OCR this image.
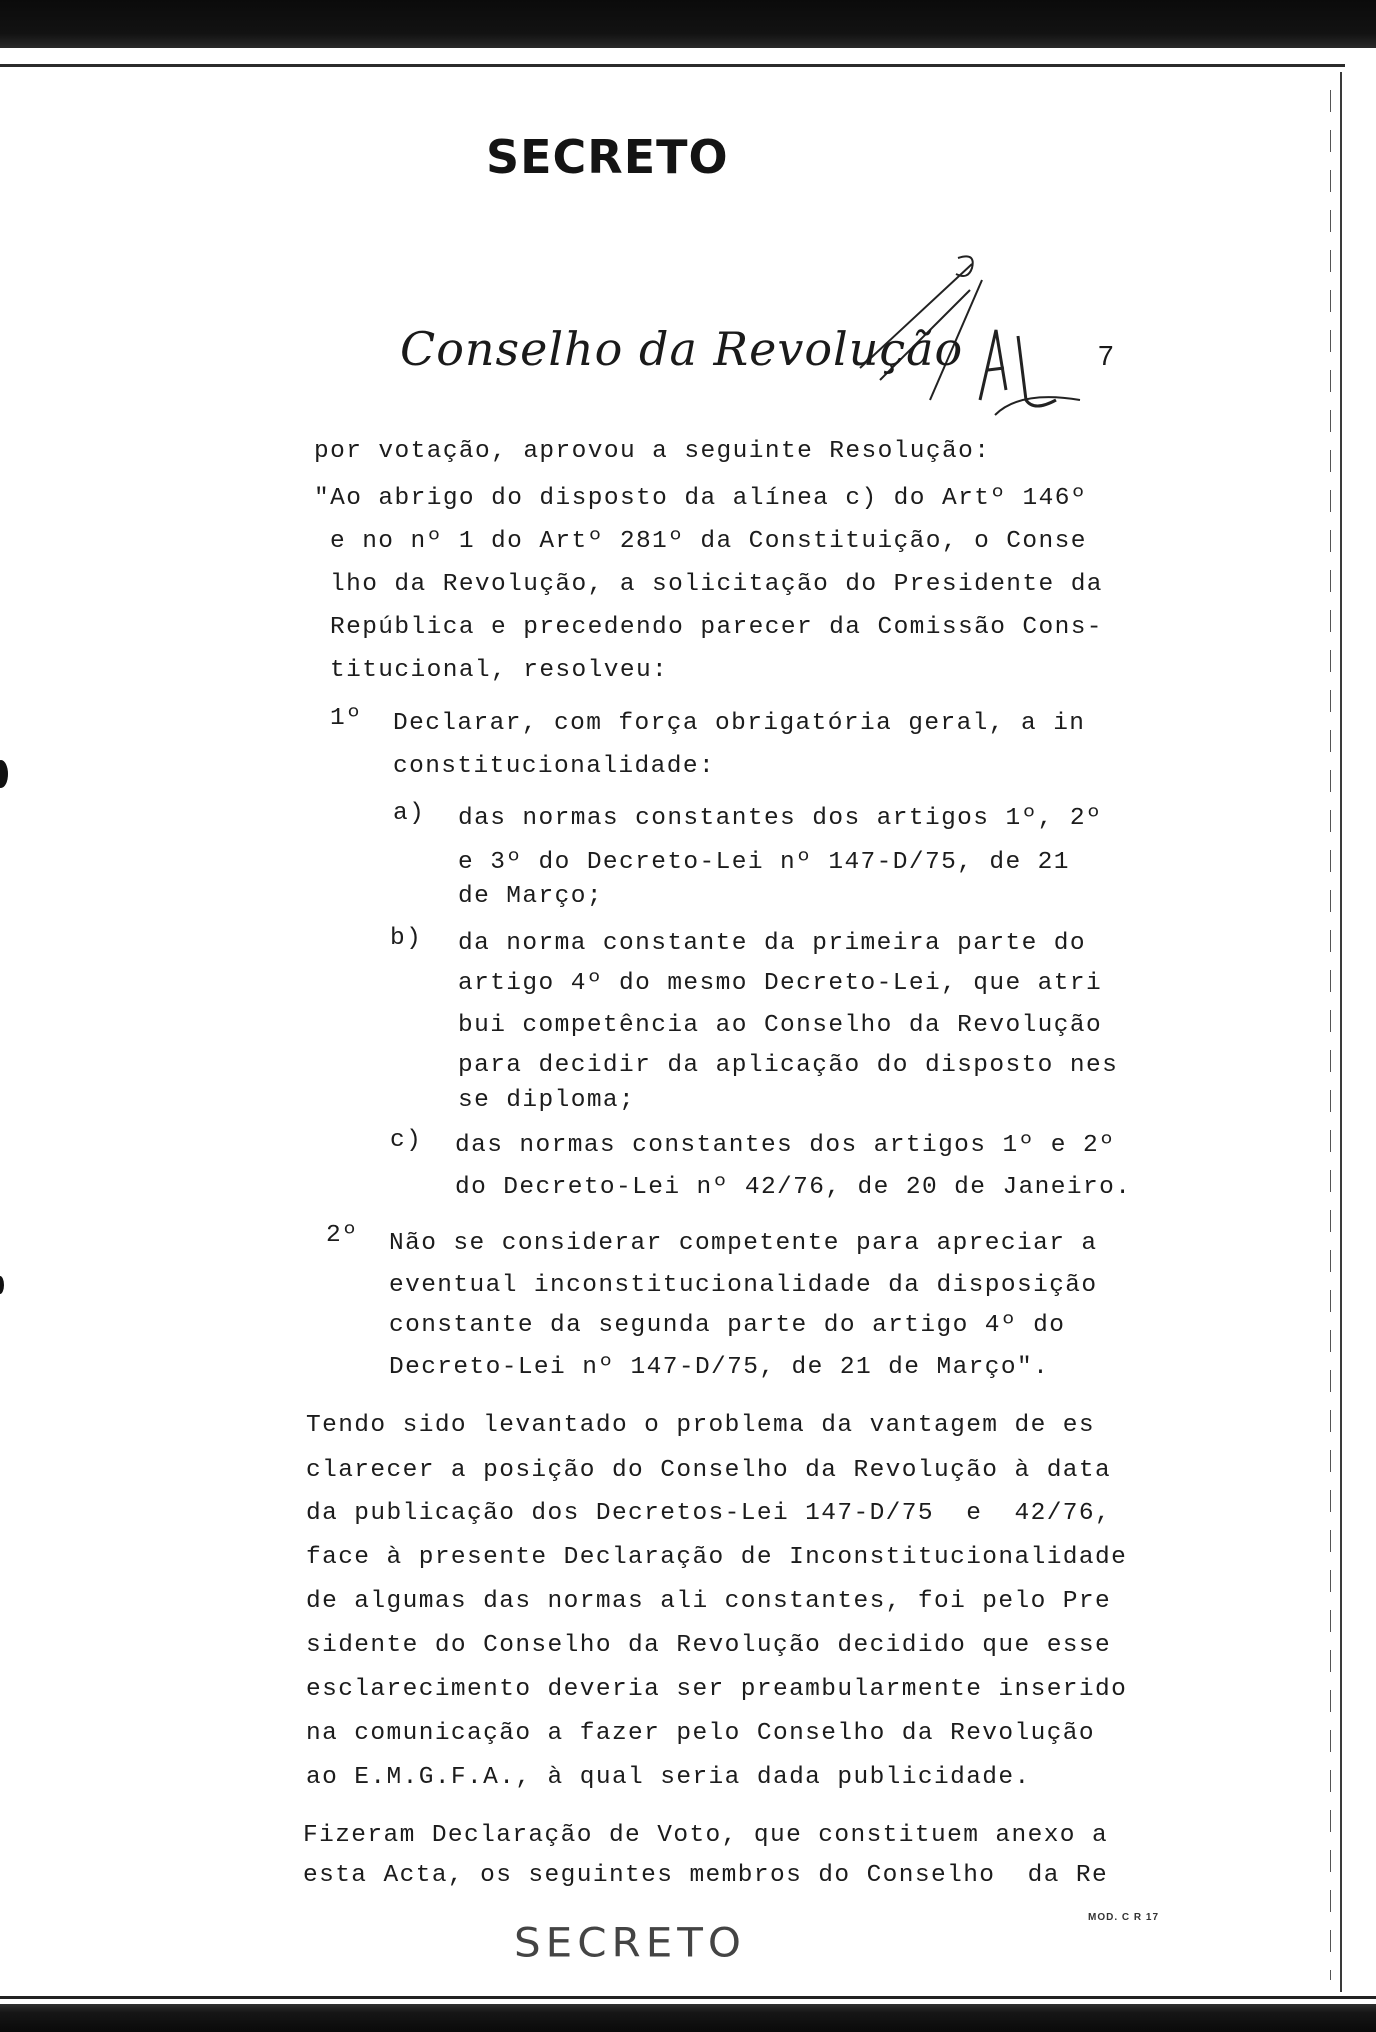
SECRETO
Conselho da Revolução	7
por votação, aprovou a seguinte Resolução:
"Ao abrigo do disposto da alínea c) do Artº 146º
e no nº 1 do Artº 281º da Constituição, o Conse
lho da Revolução, a solicitação do Presidente da
República e precedendo parecer da Comissão Cons-
titucional, resolveu:
1º Declarar, com força obrigatória geral, a in
constitucionalidade:
a) das normas constantes dos artigos 1º, 2º
e 3º do Decreto-Lei nº 147-D/75, de 21
de Março;
b) da norma constante da primeira parte do
artigo 4º do mesmo Decreto-Lei, que atri
bui competência ao Conselho da Revolução
para decidir da aplicação do disposto nes
se diploma;
c) das normas constantes dos artigos 1º e 2º
do Decreto-Lei nº 42/76, de 20 de Janeiro.
2º Não se considerar competente para apreciar a
eventual inconstitucionalidade da disposição
constante da segunda parte do artigo 4º do
Decreto-Lei nº 147-D/75, de 21 de Março".
Tendo sido levantado o problema da vantagem de es
clarecer a posição do Conselho da Revolução à data
da publicação dos Decretos-Lei 147-D/75  e  42/76,
face à presente Declaração de Inconstitucionalidade
de algumas das normas ali constantes, foi pelo Pre
sidente do Conselho da Revolução decidido que esse
esclarecimento deveria ser preambularmente inserido
na comunicação a fazer pelo Conselho da Revolução
ao E.M.G.F.A., à qual seria dada publicidade.
Fizeram Declaração de Voto, que constituem anexo a
esta Acta, os seguintes membros do Conselho  da Re
MOD. C R 17
SECRETO
